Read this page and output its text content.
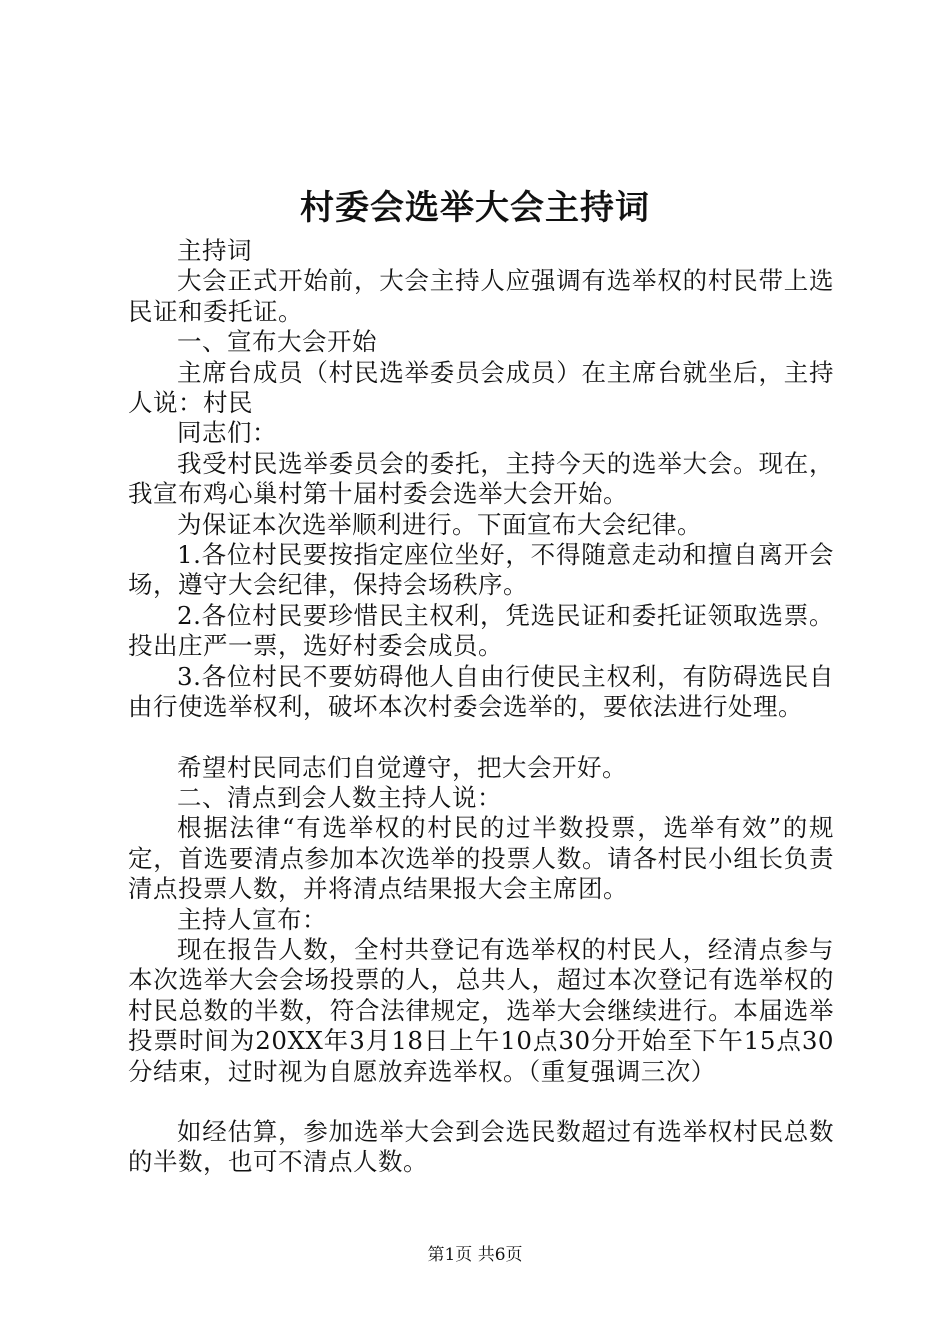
村委会选举大会主持词

主持词

大会正式开始前，大会主持人应强调有选举权的村民带上选民证和委托证。

一、宣布大会开始

主席台成员（村民选举委员会成员）在主席台就坐后，主持人说：村民

同志们：

我受村民选举委员会的委托，主持今天的选举大会。现在，我宣布鸡心巢村第十届村委会选举大会开始。

为保证本次选举顺利进行。下面宣布大会纪律。

1.各位村民要按指定座位坐好，不得随意走动和擅自离开会场，遵守大会纪律，保持会场秩序。

2.各位村民要珍惜民主权利，凭选民证和委托证领取选票。投出庄严一票，选好村委会成员。

3.各位村民不要妨碍他人自由行使民主权利，有防碍选民自由行使选举权利，破坏本次村委会选举的，要依法进行处理。

希望村民同志们自觉遵守，把大会开好。

二、清点到会人数主持人说：

根据法律“有选举权的村民的过半数投票，选举有效”的规定，首选要清点参加本次选举的投票人数。请各村民小组长负责清点投票人数，并将清点结果报大会主席团。

主持人宣布：

现在报告人数，全村共登记有选举权的村民人，经清点参与本次选举大会会场投票的人，总共人，超过本次登记有选举权的村民总数的半数，符合法律规定，选举大会继续进行。本届选举投票时间为20XX年3月18日上午10点30分开始至下午15点30分结束，过时视为自愿放弃选举权。（重复强调三次）

如经估算，参加选举大会到会选民数超过有选举权村民总数的半数，也可不清点人数。

第1页 共6页
